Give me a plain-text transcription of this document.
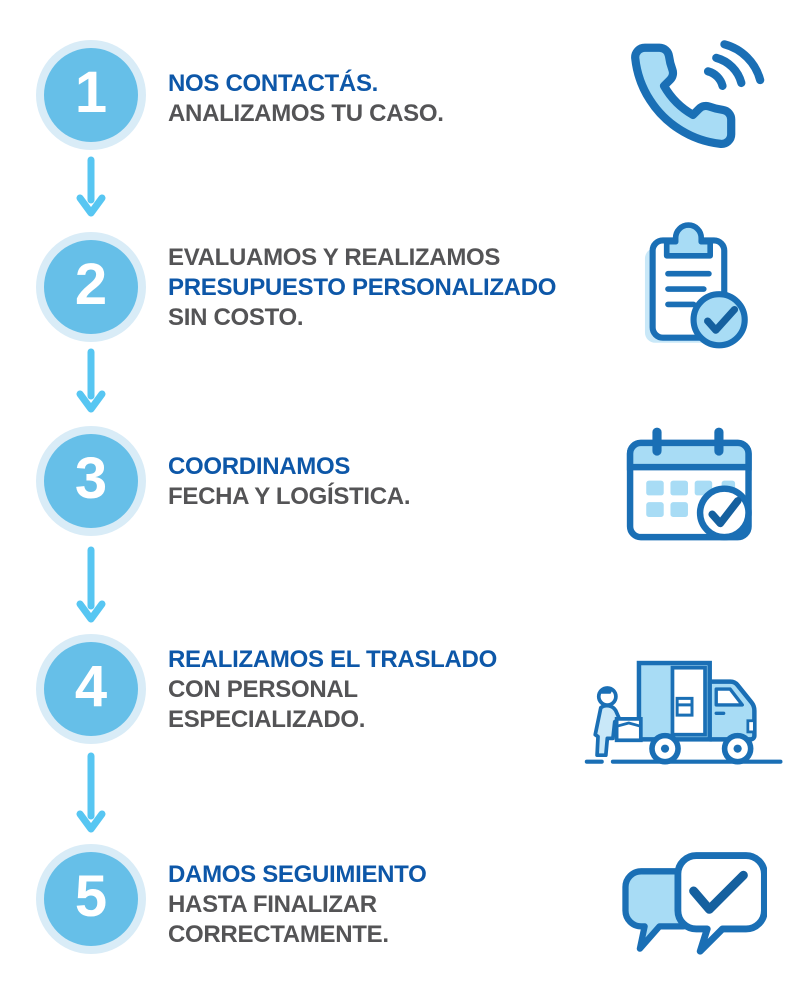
1	NOS CONTACTÁS.
ANALIZAMOS TU CASO.
2	EVALUAMOS Y REALIZAMOS
PRESUPUESTO PERSONALIZADO
SIN COSTO.
3	COORDINAMOS
FECHA Y LOGÍSTICA.
4	REALIZAMOS EL TRASLADO
CON PERSONAL
ESPECIALIZADO.
5	DAMOS SEGUIMIENTO
HASTA FINALIZAR
CORRECTAMENTE.
